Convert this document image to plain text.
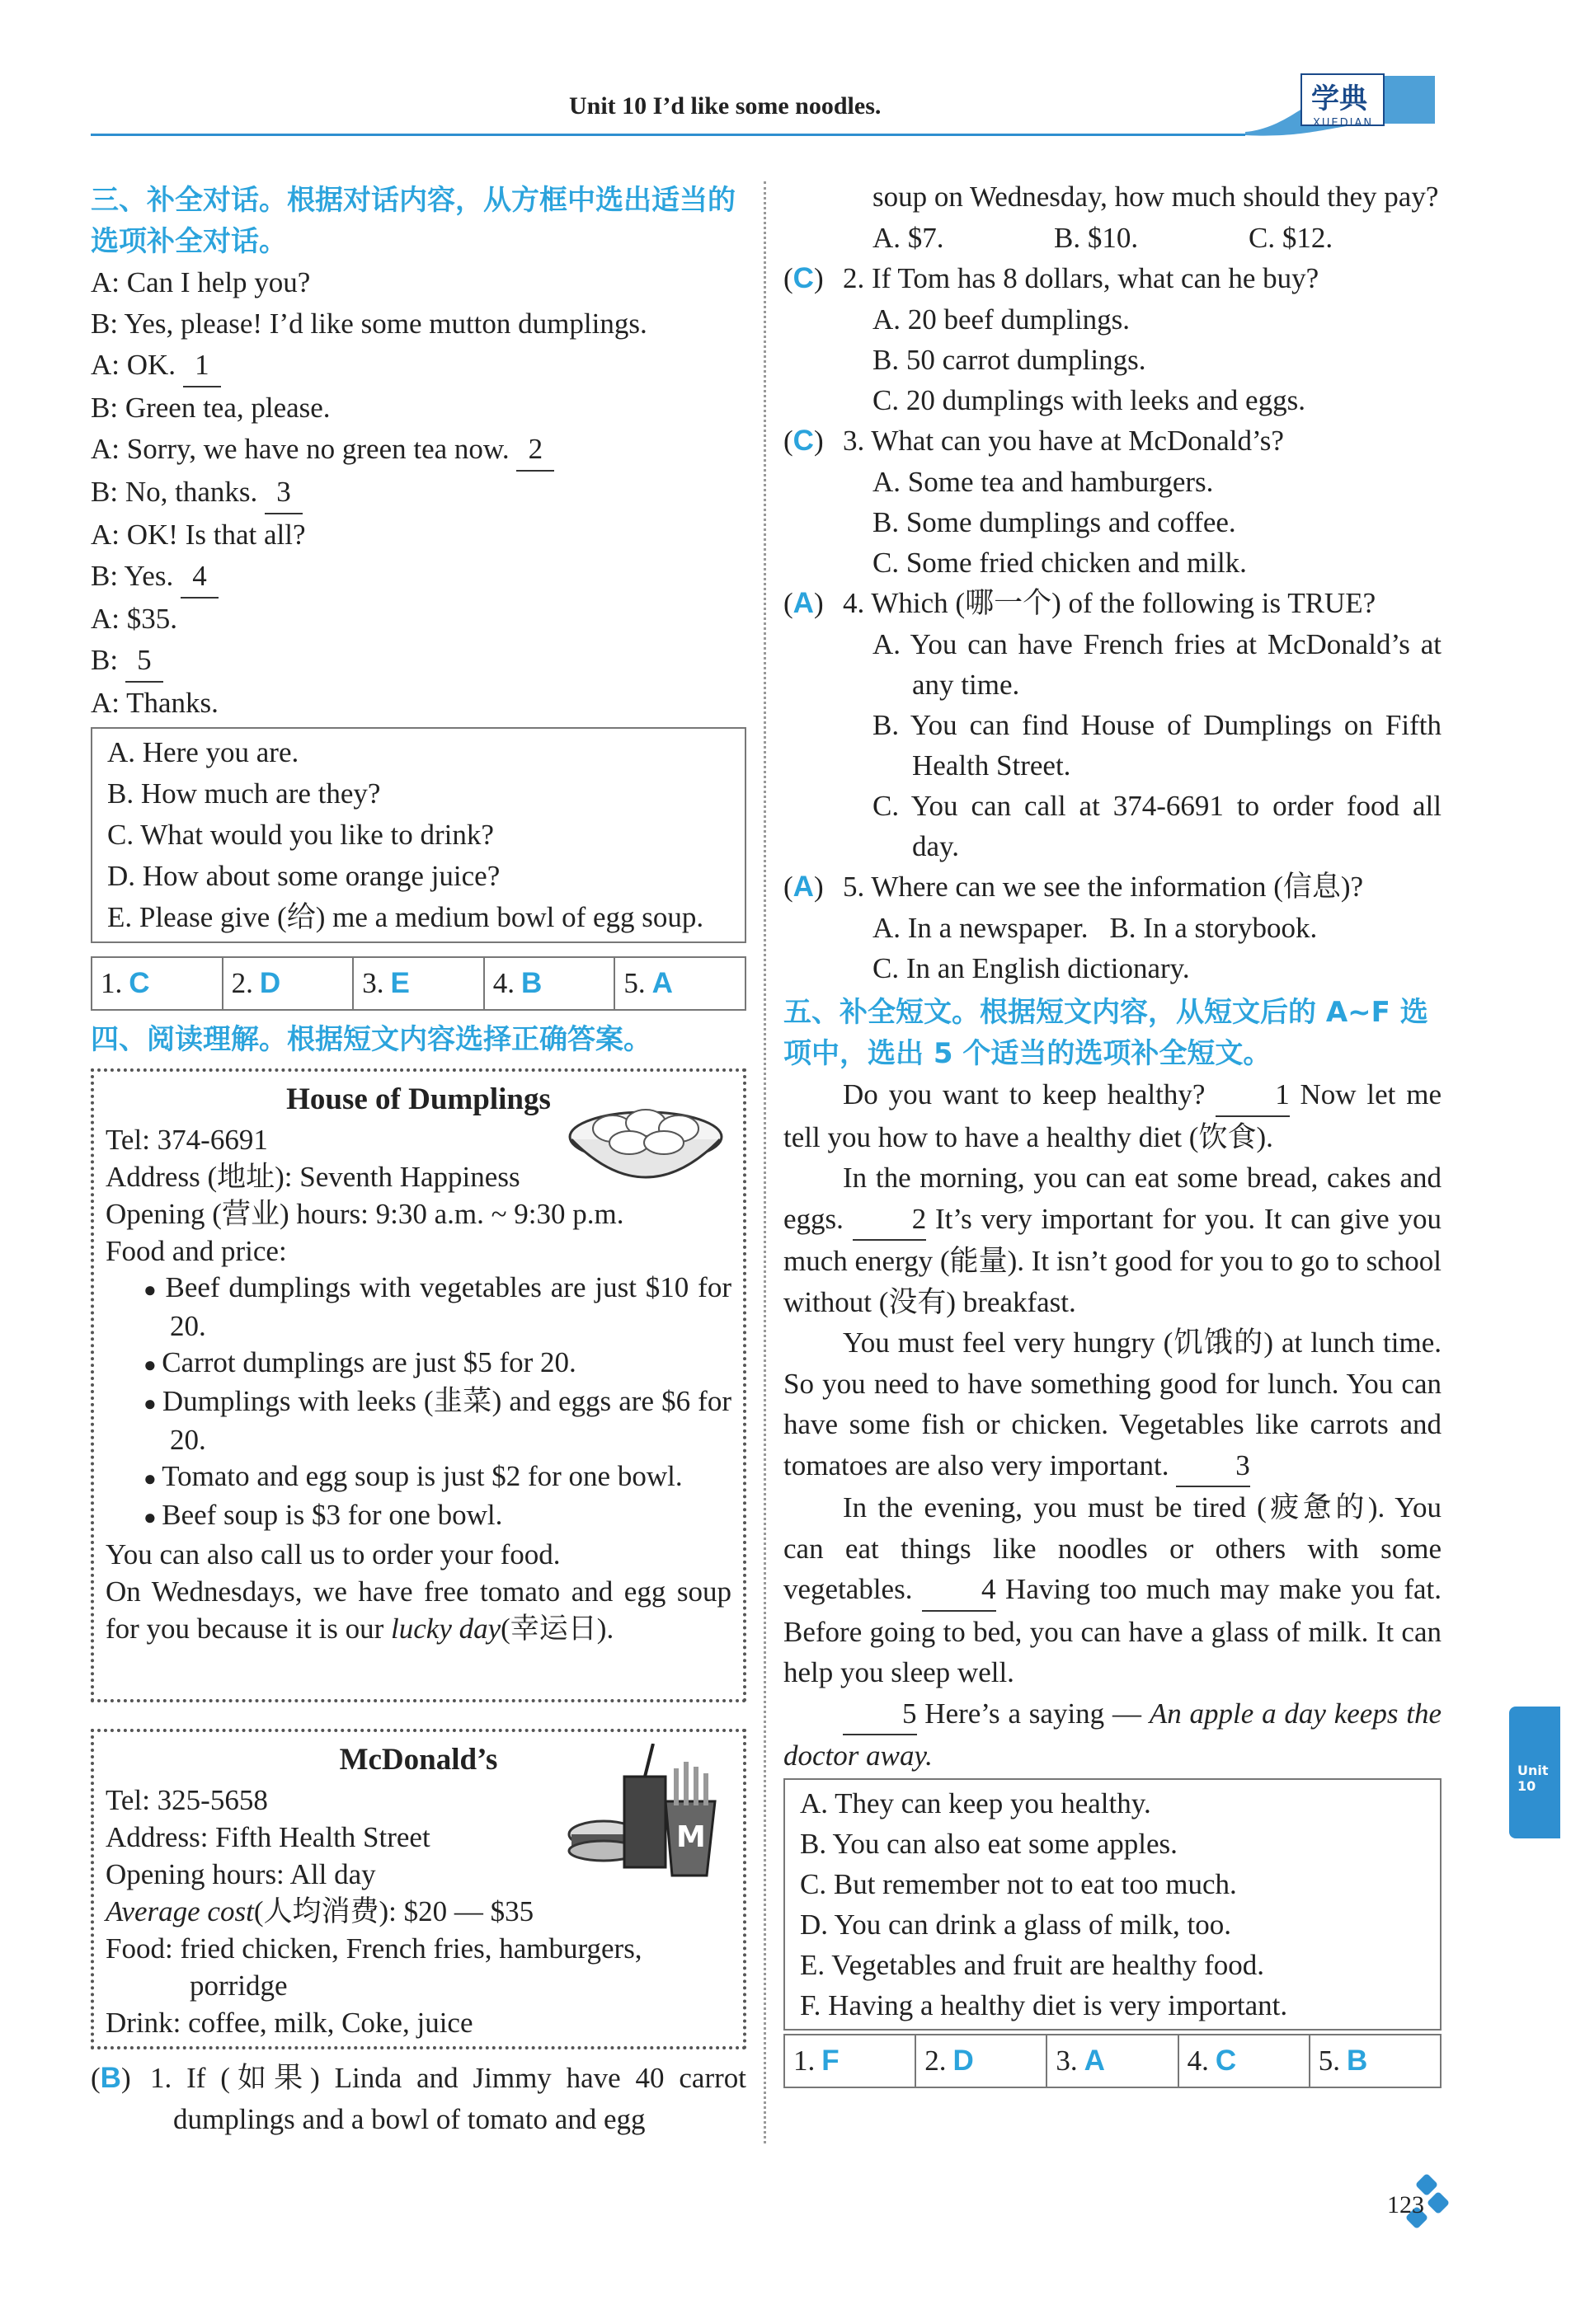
Unit 10 I’d like some noodles.	学典
XUEDIAN
三、补全对话。根据对话内容，从方框中选出适当的选项补全对话。
A: Can I help you?
B: Yes, please! I’d like some mutton dumplings.
A: OK. 1
B: Green tea, please.
A: Sorry, we have no green tea now. 2
B: No, thanks. 3
A: OK! Is that all?
B: Yes. 4
A: $35.
B: 5
A: Thanks.
A. Here you are.
B. How much are they?
C. What would you like to drink?
D. How about some orange juice?
E. Please give (给) me a medium bowl of egg soup.
1. C	2. D	3. E	4. B	5. A
四、阅读理解。根据短文内容选择正确答案。
House of Dumplings
Tel: 374-6691
Address (地址): Seventh Happiness
Opening (营业) hours: 9:30 a.m. ~ 9:30 p.m.
Food and price:

● Beef dumplings with vegetables are just $10 for 20.

● Carrot dumplings are just $5 for 20.

● Dumplings with leeks (韭菜) and eggs are $6 for 20.

● Tomato and egg soup is just $2 for one bowl.

● Beef soup is $3 for one bowl.

You can also call us to order your food.
On Wednesdays, we have free tomato and egg soup for you because it is our lucky day(幸运日).
McDonald’s
M
Tel: 325-5658
Address: Fifth Health Street
Opening hours: All day
Average cost(人均消费): $20 — $35
Food: fried chicken, French fries, hamburgers, porridge
Drink: coffee, milk, Coke, juice
(B) 1. If (如果) Linda and Jimmy have 40 carrot dumplings and a bowl of tomato and egg
soup on Wednesday, how much should they pay?
A. $7.	B. $10.	C. $12.
(C) 2. If Tom has 8 dollars, what can he buy?
A. 20 beef dumplings.
B. 50 carrot dumplings.
C. 20 dumplings with leeks and eggs.
(C) 3. What can you have at McDonald’s?
A. Some tea and hamburgers.
B. Some dumplings and coffee.
C. Some fried chicken and milk.
(A) 4. Which (哪一个) of the following is TRUE?
A. You can have French fries at McDonald’s at any time.
B. You can find House of Dumplings on Fifth Health Street.
C. You can call at 374-6691 to order food all day.
(A) 5. Where can we see the information (信息)?
A. In a newspaper. B. In a storybook.
C. In an English dictionary.
五、补全短文。根据短文内容，从短文后的 A~F 选项中，选出 5 个适当的选项补全短文。
Do you want to keep healthy? 1 Now let me tell you how to have a healthy diet (饮食).
In the morning, you can eat some bread, cakes and eggs. 2 It’s very important for you. It can give you much energy (能量). It isn’t good for you to go to school without (没有) breakfast.
You must feel very hungry (饥饿的) at lunch time. So you need to have something good for lunch. You can have some fish or chicken. Vegetables like carrots and tomatoes are also very important. 3
In the evening, you must be tired (疲惫的). You can eat things like noodles or others with some vegetables. 4 Having too much may make you fat. Before going to bed, you can have a glass of milk. It can help you sleep well.
5 Here’s a saying — An apple a day keeps the doctor away.
A. They can keep you healthy.
B. You can also eat some apples.
C. But remember not to eat too much.
D. You can drink a glass of milk, too.
E. Vegetables and fruit are healthy food.
F. Having a healthy diet is very important.
1. F	2. D	3. A	4. C	5. B
Unit 10
123
